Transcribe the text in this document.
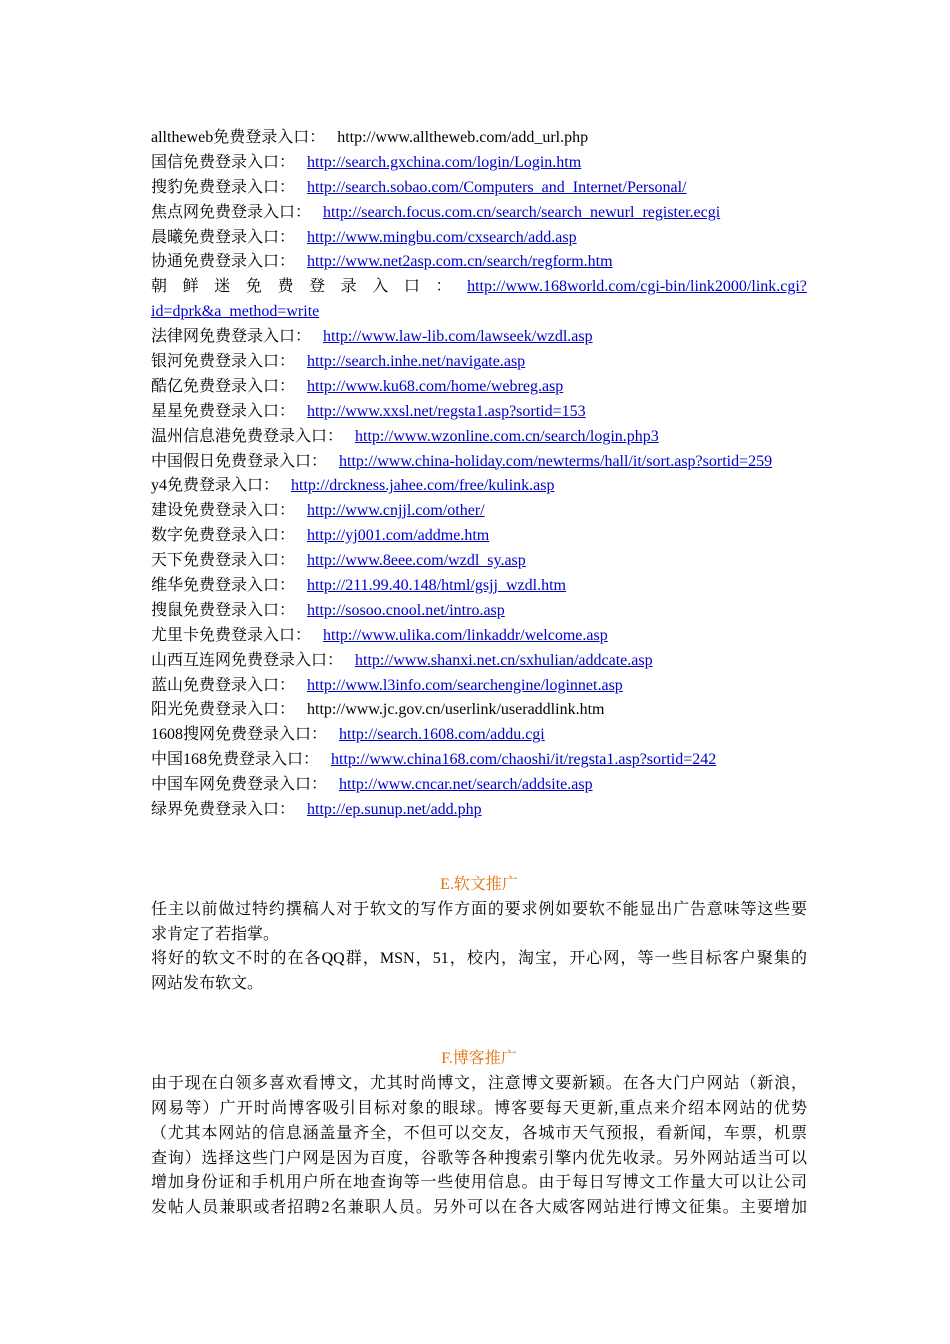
alltheweb免费登录入口： http://www.alltheweb.com/add_url.php
国信免费登录入口： http://search.gxchina.com/login/Login.htm
搜豹免费登录入口： http://search.sobao.com/Computers_and_Internet/Personal/
焦点网免费登录入口： http://search.focus.com.cn/search/search_newurl_register.ecgi
晨曦免费登录入口： http://www.mingbu.com/cxsearch/add.asp
协通免费登录入口： http://www.net2asp.com.cn/search/regform.htm
朝 鲜 迷 免 费 登 录 入 口 ： http://www.168world.com/cgi-bin/link2000/link.cgi?
id=dprk&a_method=write
法律网免费登录入口： http://www.law-lib.com/lawseek/wzdl.asp
银河免费登录入口： http://search.inhe.net/navigate.asp
酷亿免费登录入口： http://www.ku68.com/home/webreg.asp
星星免费登录入口： http://www.xxsl.net/regsta1.asp?sortid=153
温州信息港免费登录入口： http://www.wzonline.com.cn/search/login.php3
中国假日免费登录入口： http://www.china-holiday.com/newterms/hall/it/sort.asp?sortid=259
y4免费登录入口： http://drckness.jahee.com/free/kulink.asp
建设免费登录入口： http://www.cnjjl.com/other/
数字免费登录入口： http://yj001.com/addme.htm
天下免费登录入口： http://www.8eee.com/wzdl_sy.asp
维华免费登录入口： http://211.99.40.148/html/gsjj_wzdl.htm
搜鼠免费登录入口： http://sosoo.cnool.net/intro.asp
尤里卡免费登录入口： http://www.ulika.com/linkaddr/welcome.asp
山西互连网免费登录入口： http://www.shanxi.net.cn/sxhulian/addcate.asp
蓝山免费登录入口： http://www.l3info.com/searchengine/loginnet.asp
阳光免费登录入口： http://www.jc.gov.cn/userlink/useraddlink.htm
1608搜网免费登录入口： http://search.1608.com/addu.cgi
中国168免费登录入口： http://www.china168.com/chaoshi/it/regsta1.asp?sortid=242
中国车网免费登录入口： http://www.cncar.net/search/addsite.asp
绿界免费登录入口： http://ep.sunup.net/add.php
E.软文推广
任主以前做过特约撰稿人对于软文的写作方面的要求例如要软不能显出广告意味等这些要
求肯定了若指掌。
将好的软文不时的在各QQ群，MSN，51，校内，淘宝，开心网，等一些目标客户聚集的
网站发布软文。
F.博客推广
由于现在白领多喜欢看博文，尤其时尚博文，注意博文要新颖。在各大门户网站（新浪，
网易等）广开时尚博客吸引目标对象的眼球。博客要每天更新,重点来介绍本网站的优势
（尤其本网站的信息涵盖量齐全，不但可以交友，各城市天气预报，看新闻，车票，机票
查询）选择这些门户网是因为百度，谷歌等各种搜索引擎内优先收录。另外网站适当可以
增加身份证和手机用户所在地查询等一些使用信息。由于每日写博文工作量大可以让公司
发帖人员兼职或者招聘2名兼职人员。另外可以在各大威客网站进行博文征集。主要增加
